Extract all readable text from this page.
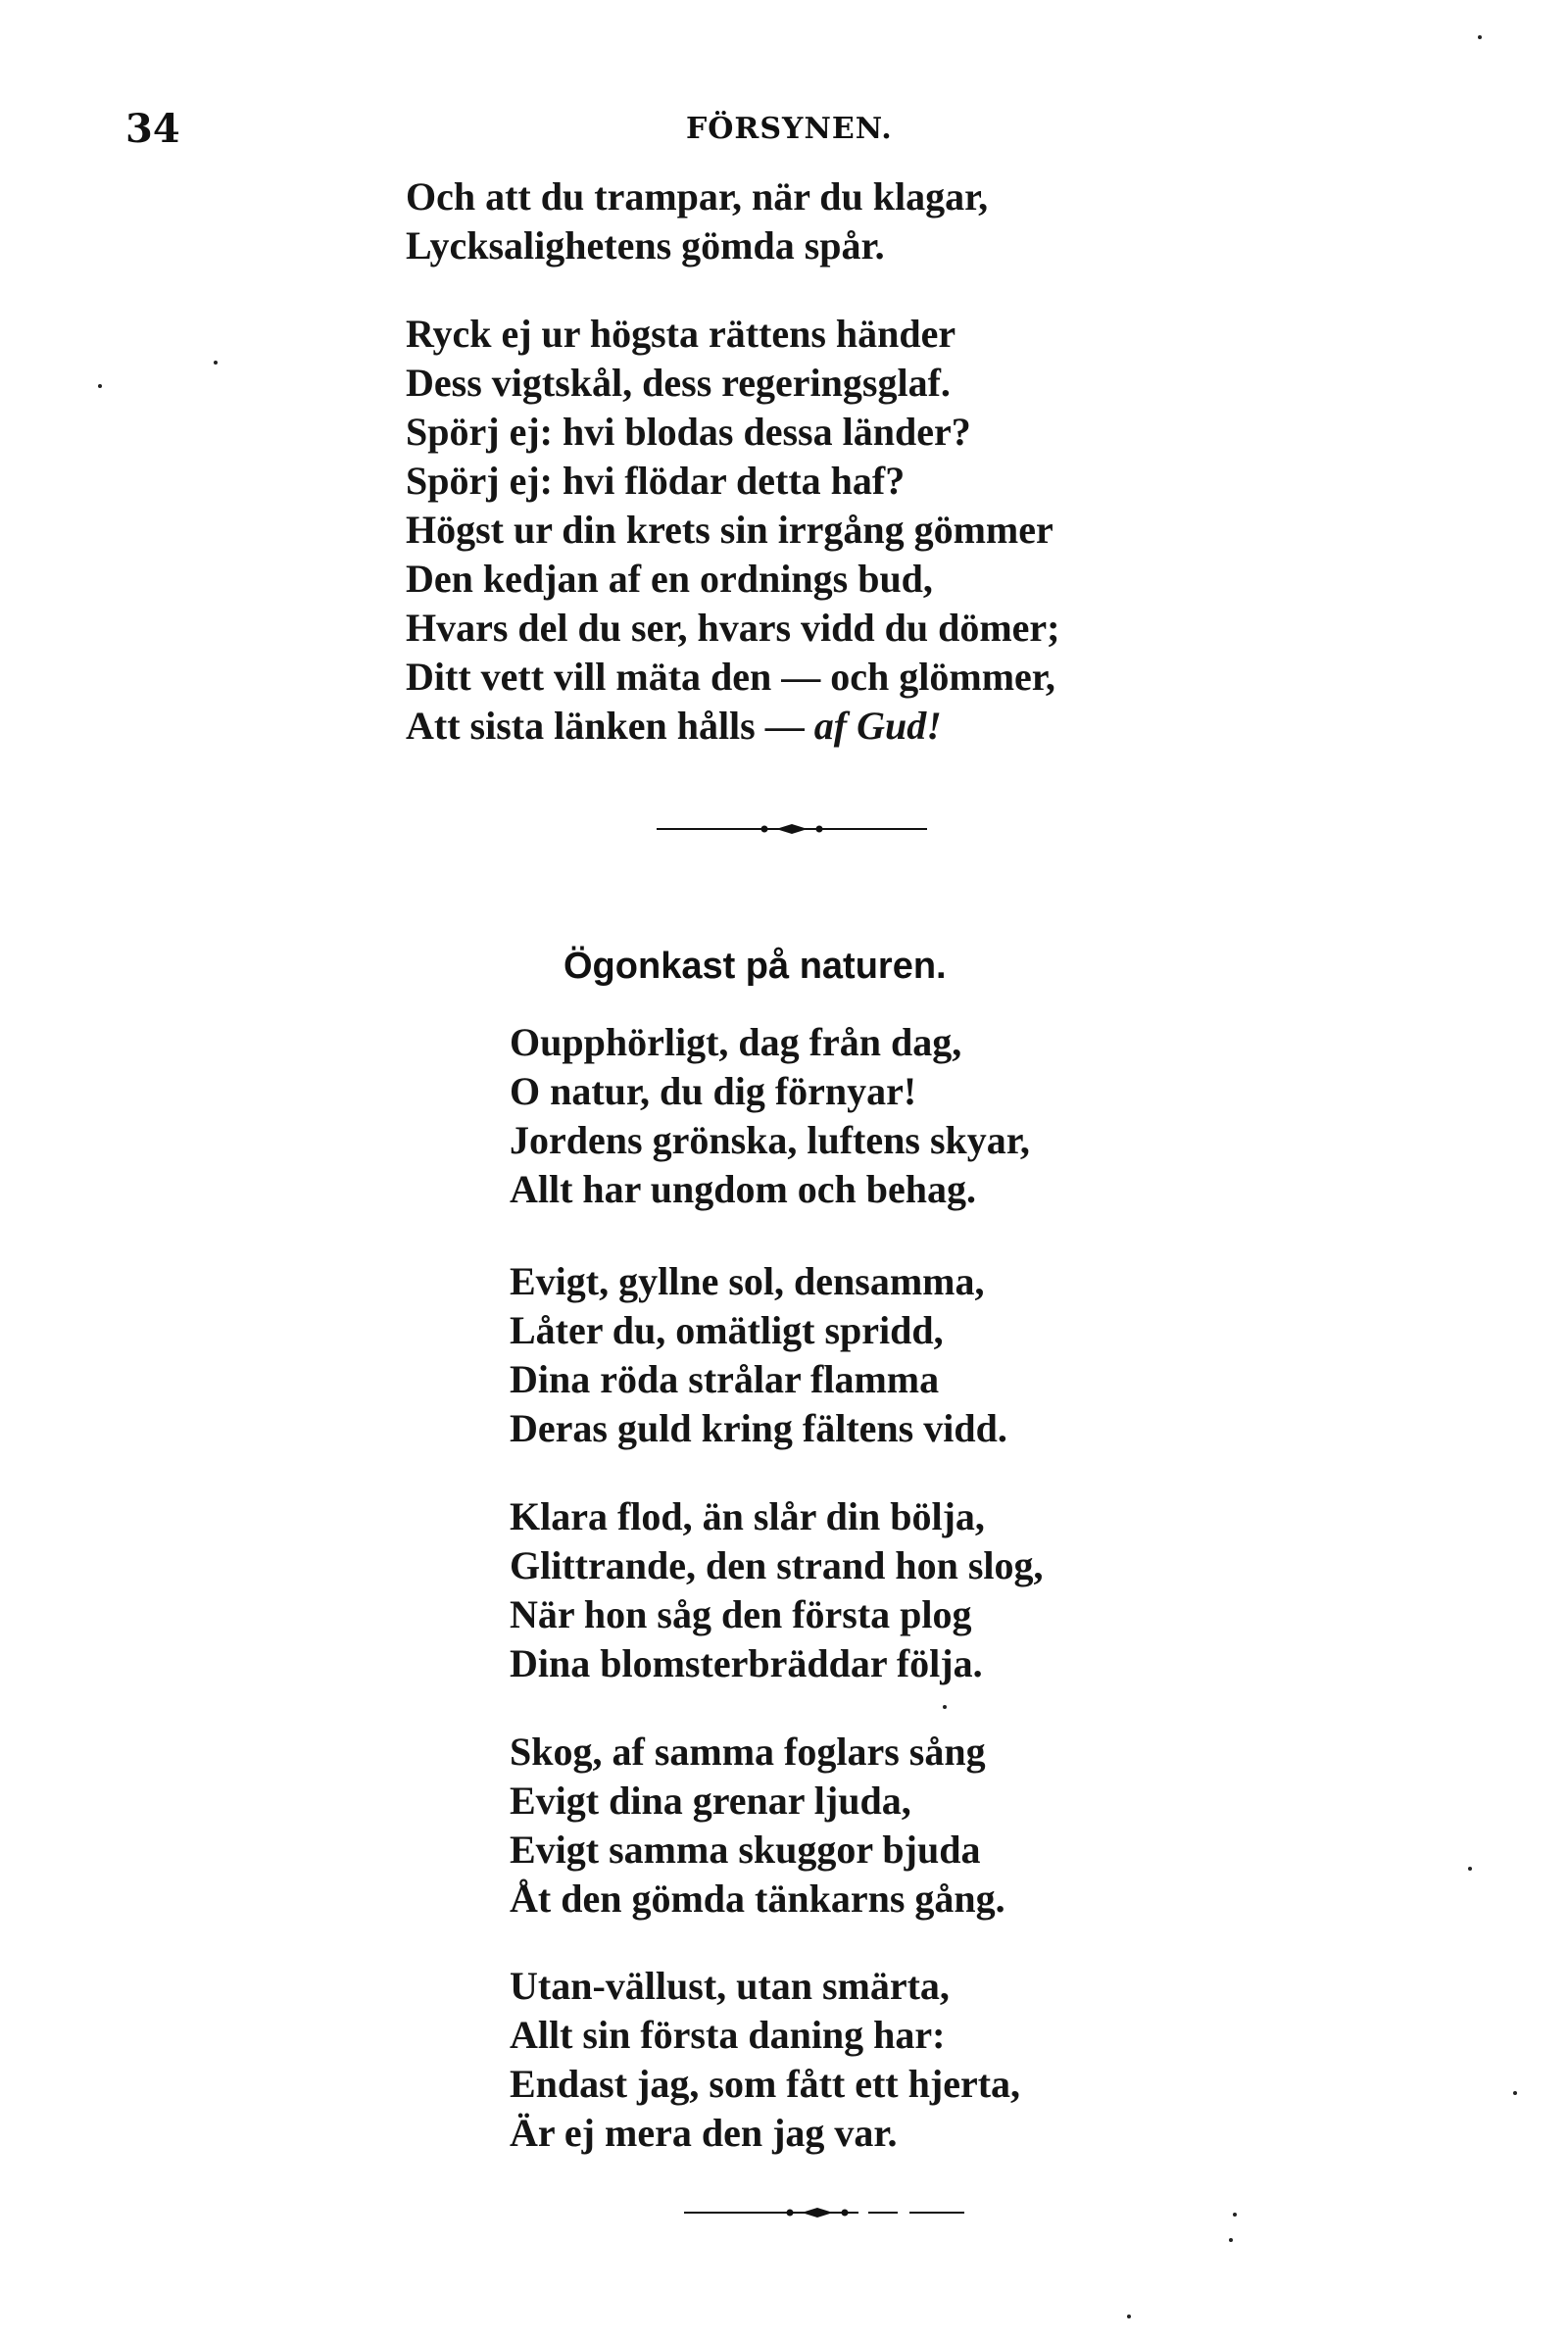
34	FÖRSYNEN.
Och att du trampar, när du klagar,
Lycksalighetens gömda spår.
Ryck ej ur högsta rättens händer
Dess vigtskål, dess regeringsglaf.
Spörj ej: hvi blodas dessa länder?
Spörj ej: hvi flödar detta haf?
Högst ur din krets sin irrgång gömmer
Den kedjan af en ordnings bud,
Hvars del du ser, hvars vidd du dömer;
Ditt vett vill mäta den — och glömmer,
Att sista länken hålls — af Gud!
Ögonkast på naturen.
Oupphörligt, dag från dag,
O natur, du dig förnyar!
Jordens grönska, luftens skyar,
Allt har ungdom och behag.
Evigt, gyllne sol, densamma,
Låter du, omätligt spridd,
Dina röda strålar flamma
Deras guld kring fältens vidd.
Klara flod, än slår din bölja,
Glittrande, den strand hon slog,
När hon såg den första plog
Dina blomsterbräddar följa.
Skog, af samma foglars sång
Evigt dina grenar ljuda,
Evigt samma skuggor bjuda
Åt den gömda tänkarns gång.
Utan-vällust, utan smärta,
Allt sin första daning har:
Endast jag, som fått ett hjerta,
Är ej mera den jag var.
